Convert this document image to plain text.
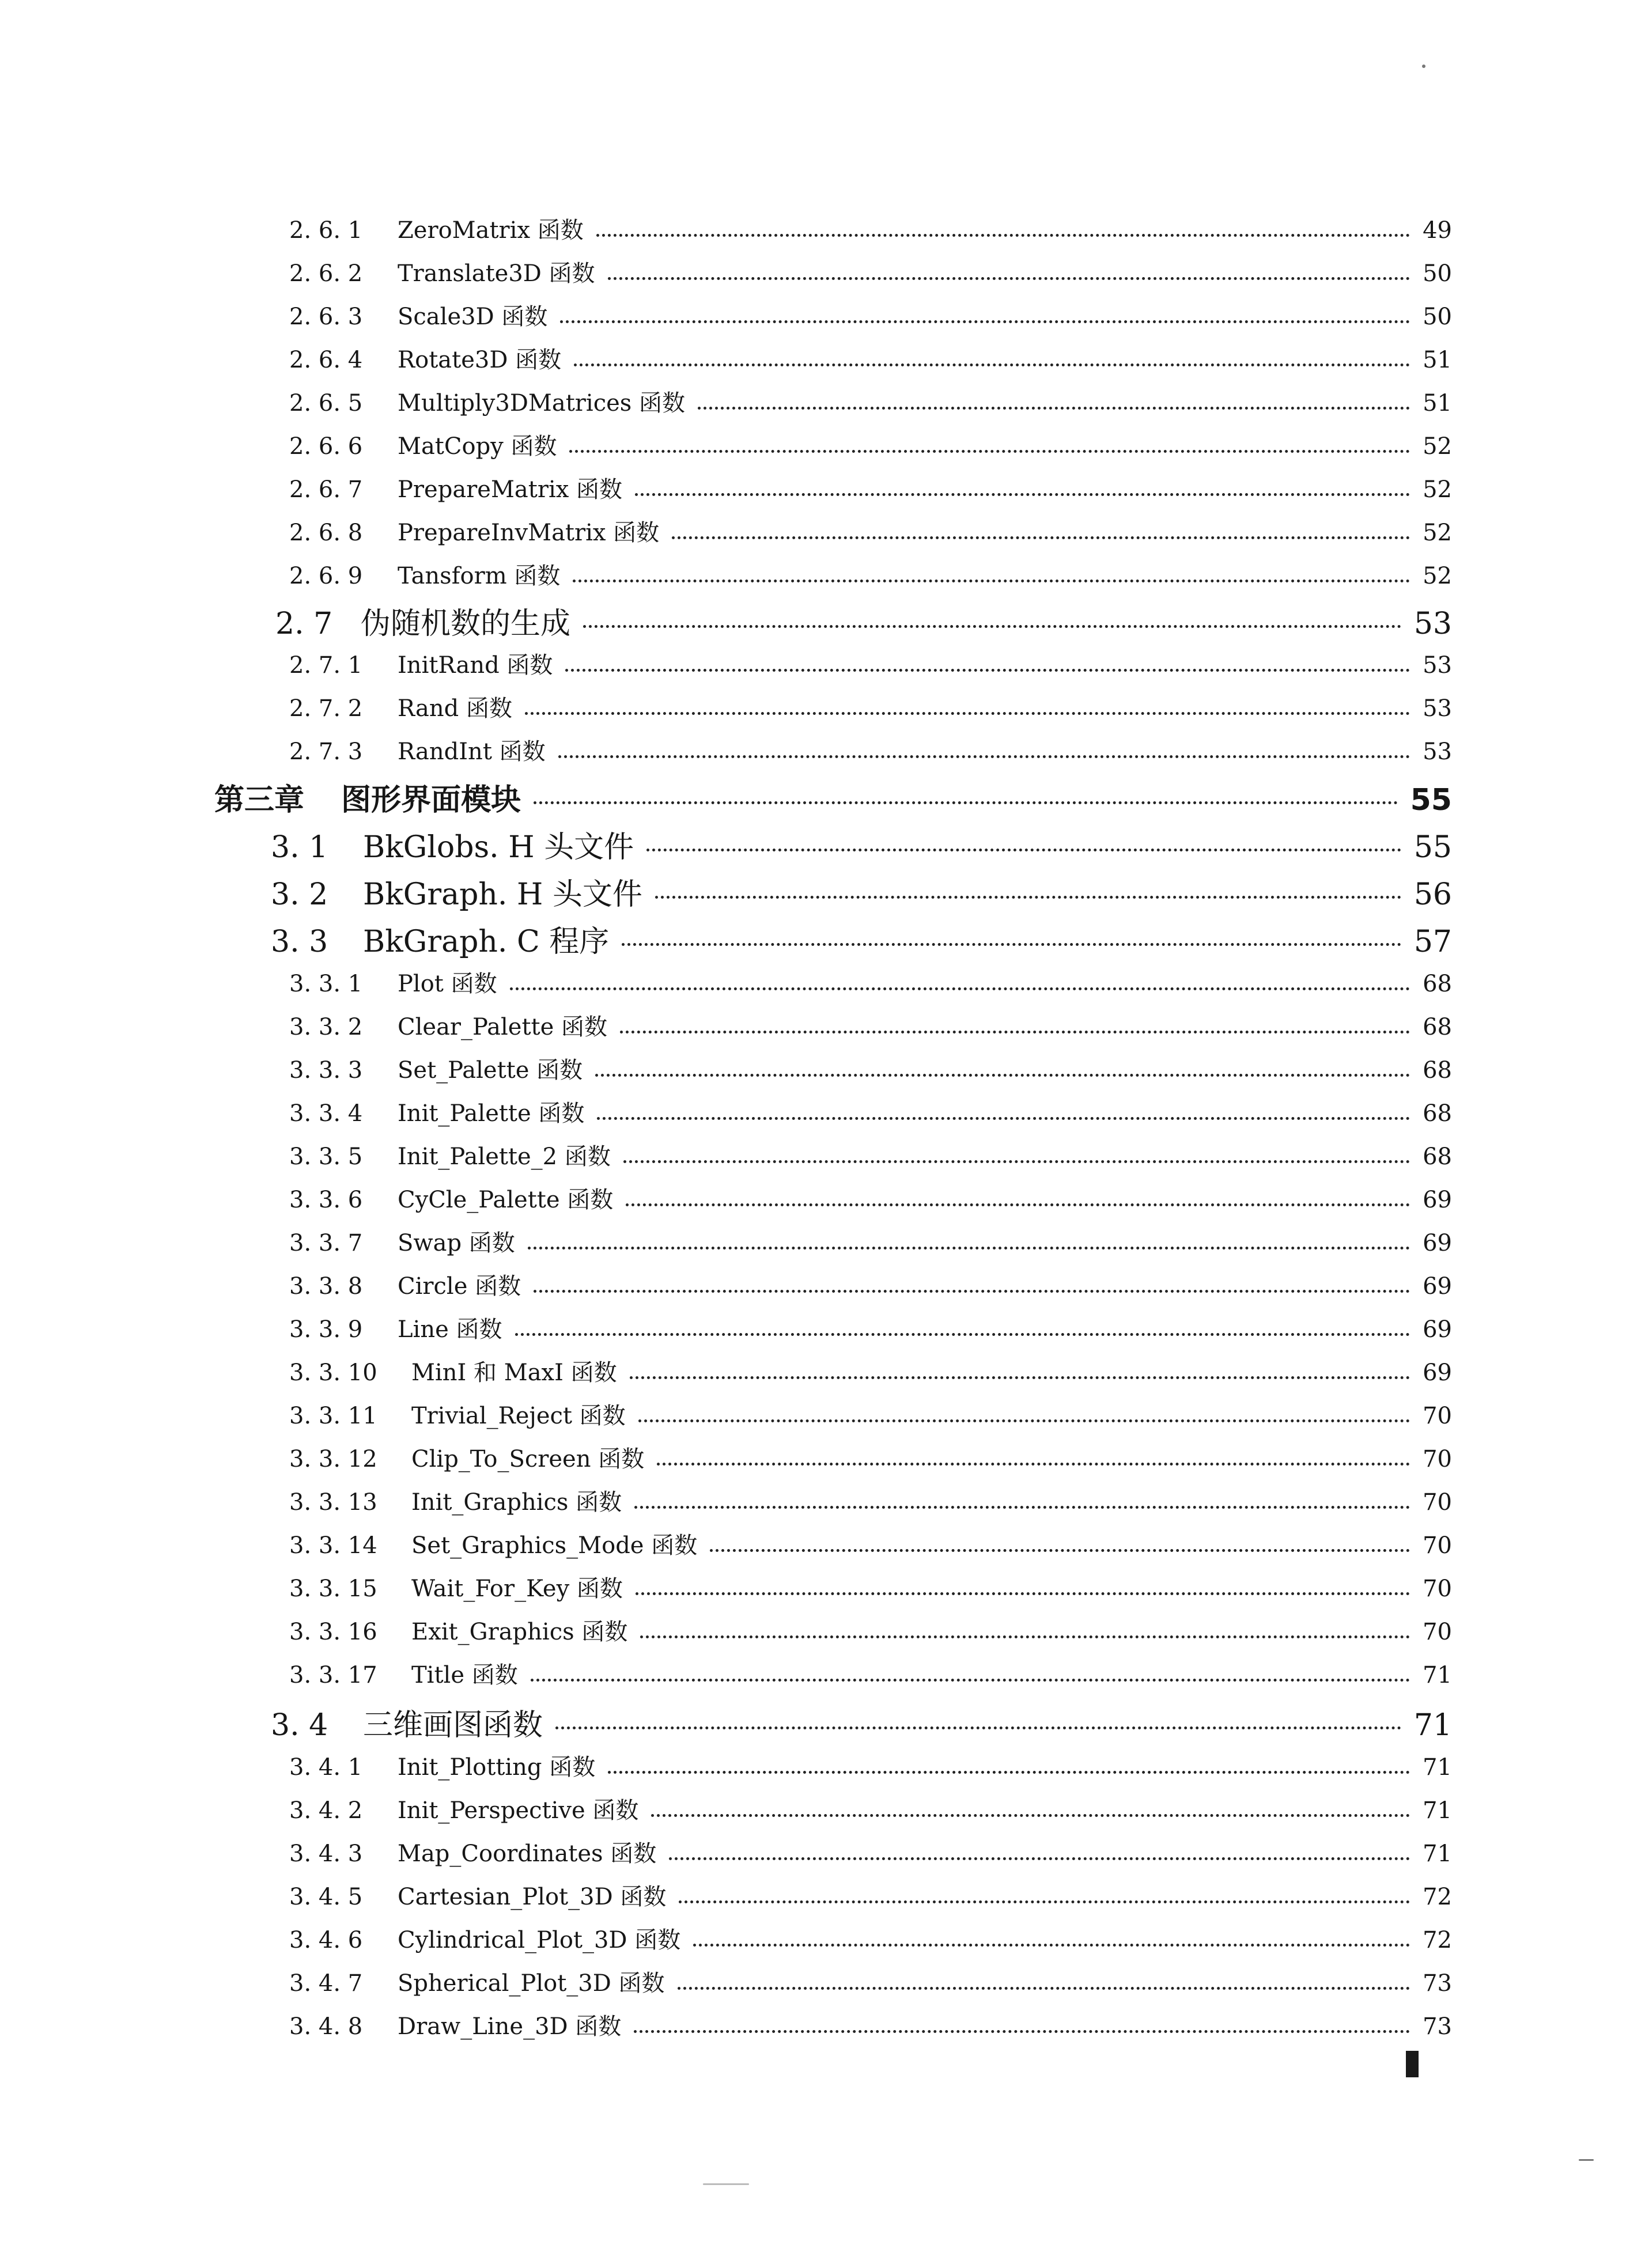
2. 6. 1	ZeroMatrix 函数	49
2. 6. 2	Translate3D 函数	50
2. 6. 3	Scale3D 函数	50
2. 6. 4	Rotate3D 函数	51
2. 6. 5	Multiply3DMatrices 函数	51
2. 6. 6	MatCopy 函数	52
2. 6. 7	PrepareMatrix 函数	52
2. 6. 8	PrepareInvMatrix 函数	52
2. 6. 9	Tansform 函数	52
2. 7 伪随机数的生成	53
2. 7. 1	InitRand 函数	53
2. 7. 2	Rand 函数	53
2. 7. 3	RandInt 函数	53
第三章	图形界面模块	55
3. 1	BkGlobs. H 头文件	55
3. 2	BkGraph. H 头文件	56
3. 3	BkGraph. C 程序	57
3. 3. 1	Plot 函数	68
3. 3. 2	Clear_Palette 函数	68
3. 3. 3	Set_Palette 函数	68
3. 3. 4	Init_Palette 函数	68
3. 3. 5	Init_Palette_2 函数	68
3. 3. 6	CyCle_Palette 函数	69
3. 3. 7	Swap 函数	69
3. 3. 8	Circle 函数	69
3. 3. 9	Line 函数	69
3. 3. 10	MinI 和 MaxI 函数	69
3. 3. 11	Trivial_Reject 函数	70
3. 3. 12	Clip_To_Screen 函数	70
3. 3. 13	Init_Graphics 函数	70
3. 3. 14	Set_Graphics_Mode 函数	70
3. 3. 15	Wait_For_Key 函数	70
3. 3. 16	Exit_Graphics 函数	70
3. 3. 17	Title 函数	71
3. 4	三维画图函数	71
3. 4. 1	Init_Plotting 函数	71
3. 4. 2	Init_Perspective 函数	71
3. 4. 3	Map_Coordinates 函数	71
3. 4. 5	Cartesian_Plot_3D 函数	72
3. 4. 6	Cylindrical_Plot_3D 函数	72
3. 4. 7	Spherical_Plot_3D 函数	73
3. 4. 8	Draw_Line_3D 函数	73
